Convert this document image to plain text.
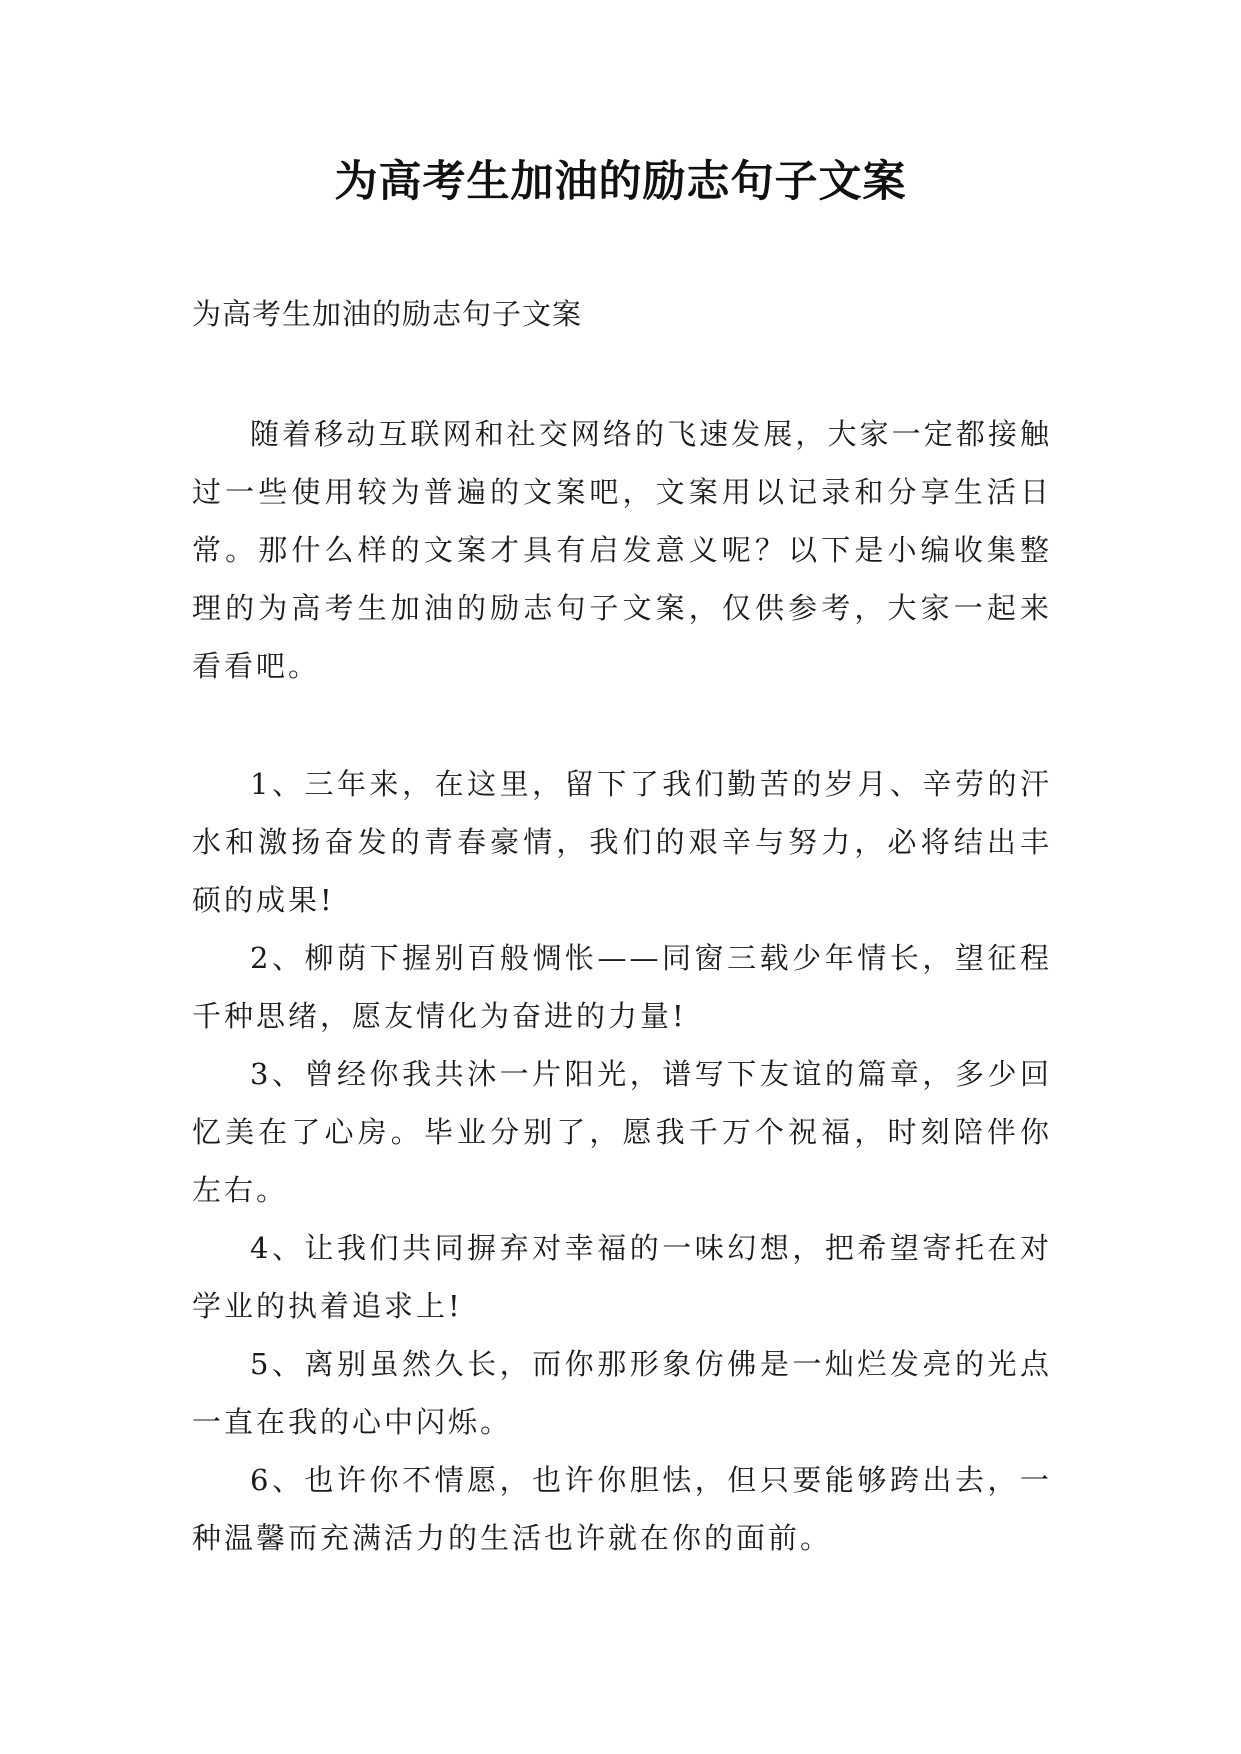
为高考生加油的励志句子文案
为高考生加油的励志句子文案

随着移动互联网和社交网络的飞速发展，大家一定都接触过一些使用较为普遍的文案吧，文案用以记录和分享生活日常。那什么样的文案才具有启发意义呢？以下是小编收集整理的为高考生加油的励志句子文案，仅供参考，大家一起来看看吧。

1、三年来，在这里，留下了我们勤苦的岁月、辛劳的汗水和激扬奋发的青春豪情，我们的艰辛与努力，必将结出丰硕的成果!

2、柳荫下握别百般惆怅——同窗三载少年情长，望征程千种思绪，愿友情化为奋进的力量!

3、曾经你我共沐一片阳光，谱写下友谊的篇章，多少回忆美在了心房。毕业分别了，愿我千万个祝福，时刻陪伴你左右。

4、让我们共同摒弃对幸福的一味幻想，把希望寄托在对学业的执着追求上!

5、离别虽然久长，而你那形象仿佛是一灿烂发亮的光点一直在我的心中闪烁。

6、也许你不情愿，也许你胆怯，但只要能够跨出去，一种温馨而充满活力的生活也许就在你的面前。
